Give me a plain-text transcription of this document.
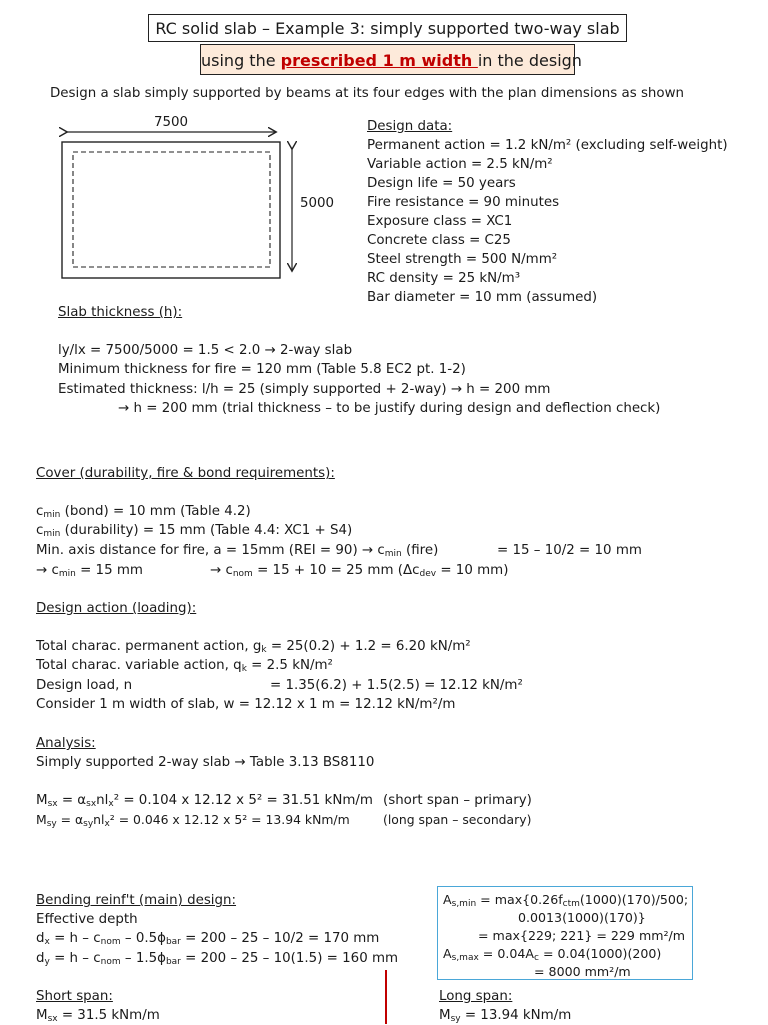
RC solid slab – Example 3: simply supported two-way slab
using the prescribed 1 m width in the design
Design a slab simply supported by beams at its four edges with the plan dimensions as shown
7500
5000
Design data:
Permanent action = 1.2 kN/m² (excluding self-weight)
Variable action = 2.5 kN/m²
Design life = 50 years
Fire resistance = 90 minutes
Exposure class = XC1
Concrete class = C25
Steel strength = 500 N/mm²
RC density = 25 kN/m³
Bar diameter = 10 mm (assumed)
Slab thickness (h):
ly/lx = 7500/5000 = 1.5 < 2.0 → 2-way slab
Minimum thickness for fire = 120 mm (Table 5.8 EC2 pt. 1-2)
Estimated thickness: l/h = 25 (simply supported + 2-way) → h = 200 mm
→ h = 200 mm (trial thickness – to be justify during design and deflection check)
Cover (durability, fire & bond requirements):
$c_{min}$ (bond) = 10 mm (Table 4.2)
$c_{min}$ (durability) = 15 mm (Table 4.4: XC1 + S4)
Min. axis distance for fire, a = 15mm $(REI = 90) \to c_{min}$ (fire)	= 15 – 10/2 = 10 mm
→ $c_{min} = 15$ mm	→ $c_{nom} = 15 + 10 = 25$ mm ($\Delta c_{dev} = 10$ mm)
Design action (loading):
Total charac. permanent action, $g_k = 25(0.2) + 1.2 = 6.20$ kN/m²
Total charac. variable action, $q_k = 2.5$ kN/m²
Design load, n	= 1.35(6.2) + 1.5(2.5) = 12.12 kN/m²
Consider 1 m width of slab, w = 12.12 x 1 m = 12.12 kN/m²/m
Analysis:
Simply supported 2-way slab → Table 3.13 BS8110
$M_{sx} = \alpha_{sx}nl_x^2 = 0.104$ x 12.12 x 5² = 31.51 kNm/m (short span – primary)
$M_{sy} = \alpha_{sy}nl_x^2 = 0.046$ x 12.12 x 5² = 13.94 kNm/m	(long span – secondary)
Bending reinf't (main) design:
Effective depth
$d_x = h - c_{nom} - 0.5\phi_{bar} = 200 - 25 - 10/2 = 170$ mm
$d_y = h - c_{nom} - 1.5\phi_{bar} = 200 - 25 - 10(1.5) = 160$ mm
$A_{s,min} = \max\{0.26f_{ctm}(1000)(170)/500$;
0.0013(1000)(170)}
= max{229; 221} = 229 mm²/m
$A_{s,max} = 0.04A_c = 0.04(1000)(200)$
= 8000 mm²/m
Short span:
$M_{sx} = 31.5$ kNm/m
Long span:
$M_{sy} = 13.94$ kNm/m
